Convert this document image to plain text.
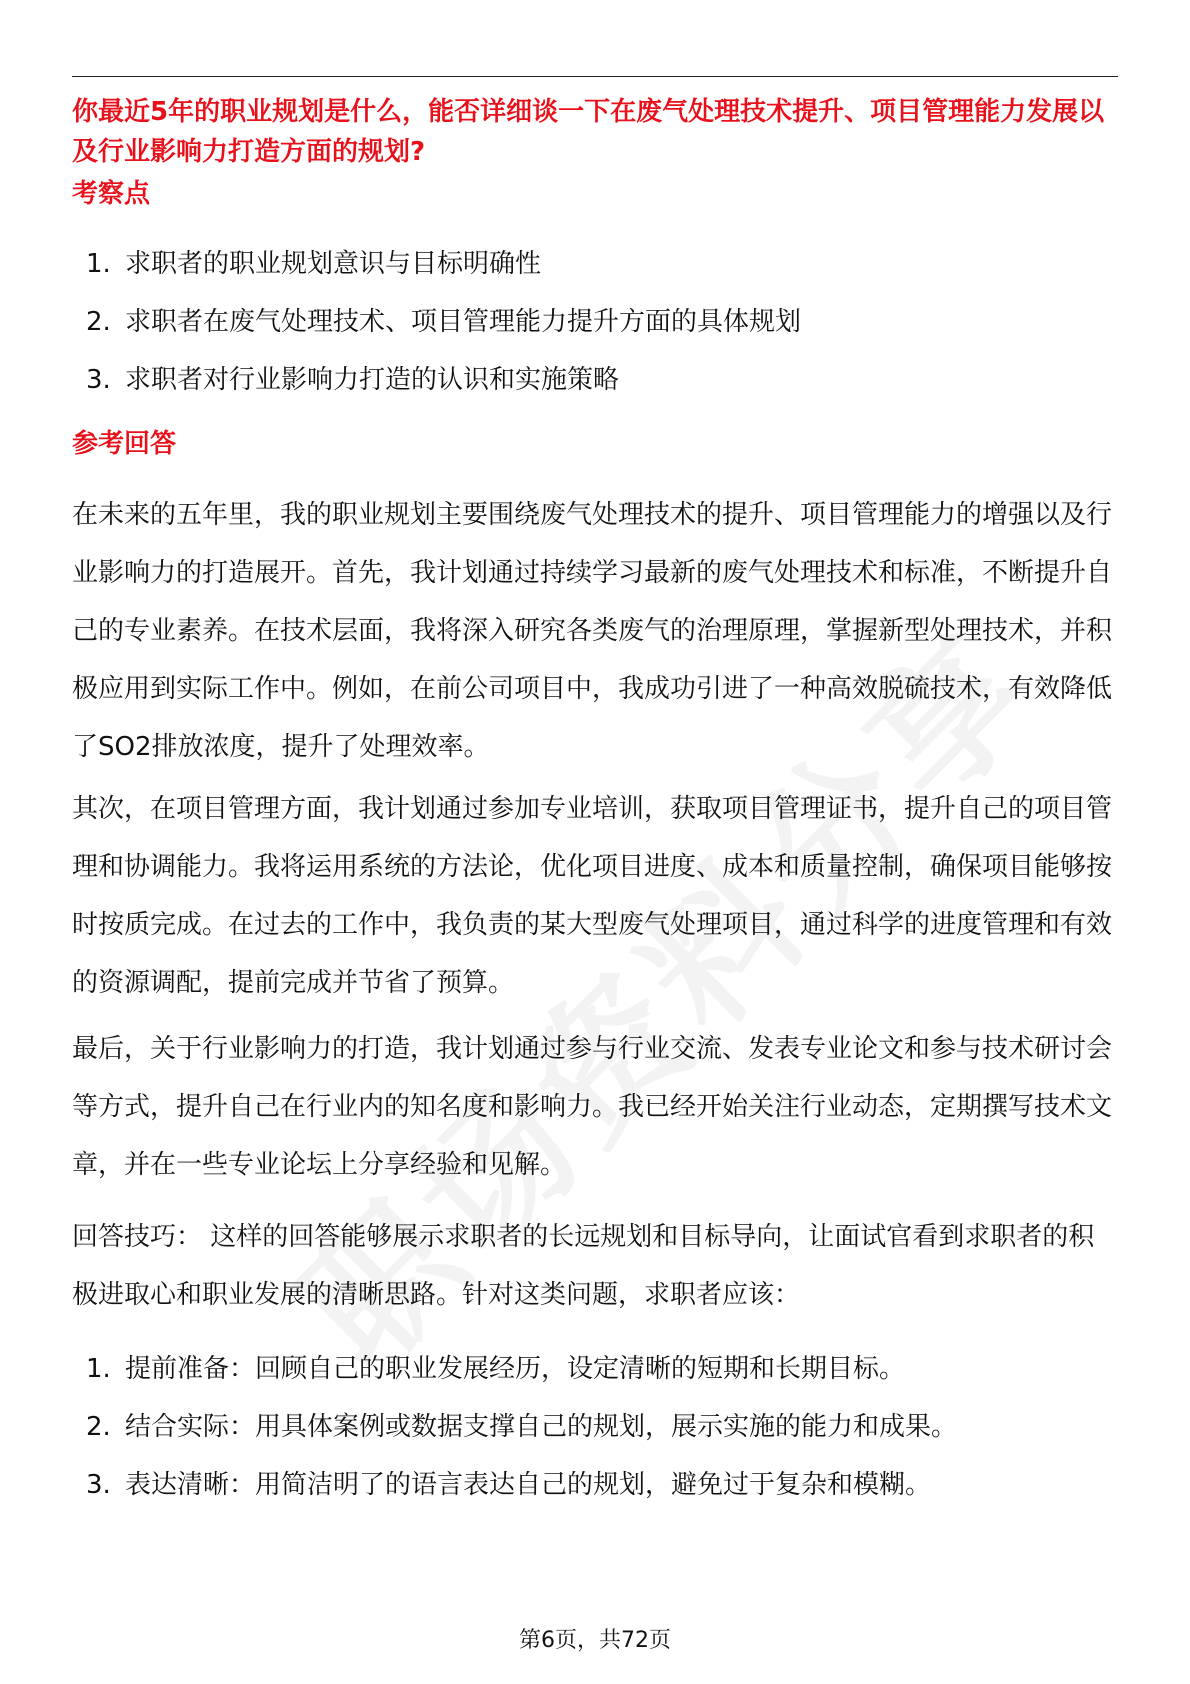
你最近5年的职业规划是什么，能否详细谈一下在废气处理技术提升、项目管理能力发展以及行业影响力打造方面的规划?

考察点

1. 求职者的职业规划意识与目标明确性
2. 求职者在废气处理技术、项目管理能力提升方面的具体规划
3. 求职者对行业影响力打造的认识和实施策略

参考回答

在未来的五年里，我的职业规划主要围绕废气处理技术的提升、项目管理能力的增强以及行业影响力的打造展开。首先，我计划通过持续学习最新的废气处理技术和标准，不断提升自己的专业素养。在技术层面，我将深入研究各类废气的治理原理，掌握新型处理技术，并积极应用到实际工作中。例如，在前公司项目中，我成功引进了一种高效脱硫技术，有效降低了SO2排放浓度，提升了处理效率。

其次，在项目管理方面，我计划通过参加专业培训，获取项目管理证书，提升自己的项目管理和协调能力。我将运用系统的方法论，优化项目进度、成本和质量控制，确保项目能够按时按质完成。在过去的工作中，我负责的某大型废气处理项目，通过科学的进度管理和有效的资源调配，提前完成并节省了预算。

最后，关于行业影响力的打造，我计划通过参与行业交流、发表专业论文和参与技术研讨会等方式，提升自己在行业内的知名度和影响力。我已经开始关注行业动态，定期撰写技术文章，并在一些专业论坛上分享经验和见解。

回答技巧： 这样的回答能够展示求职者的长远规划和目标导向，让面试官看到求职者的积极进取心和职业发展的清晰思路。针对这类问题，求职者应该：

1. 提前准备：回顾自己的职业发展经历，设定清晰的短期和长期目标。
2. 结合实际：用具体案例或数据支撑自己的规划，展示实施的能力和成果。
3. 表达清晰：用简洁明了的语言表达自己的规划，避免过于复杂和模糊。
第6页，共72页
